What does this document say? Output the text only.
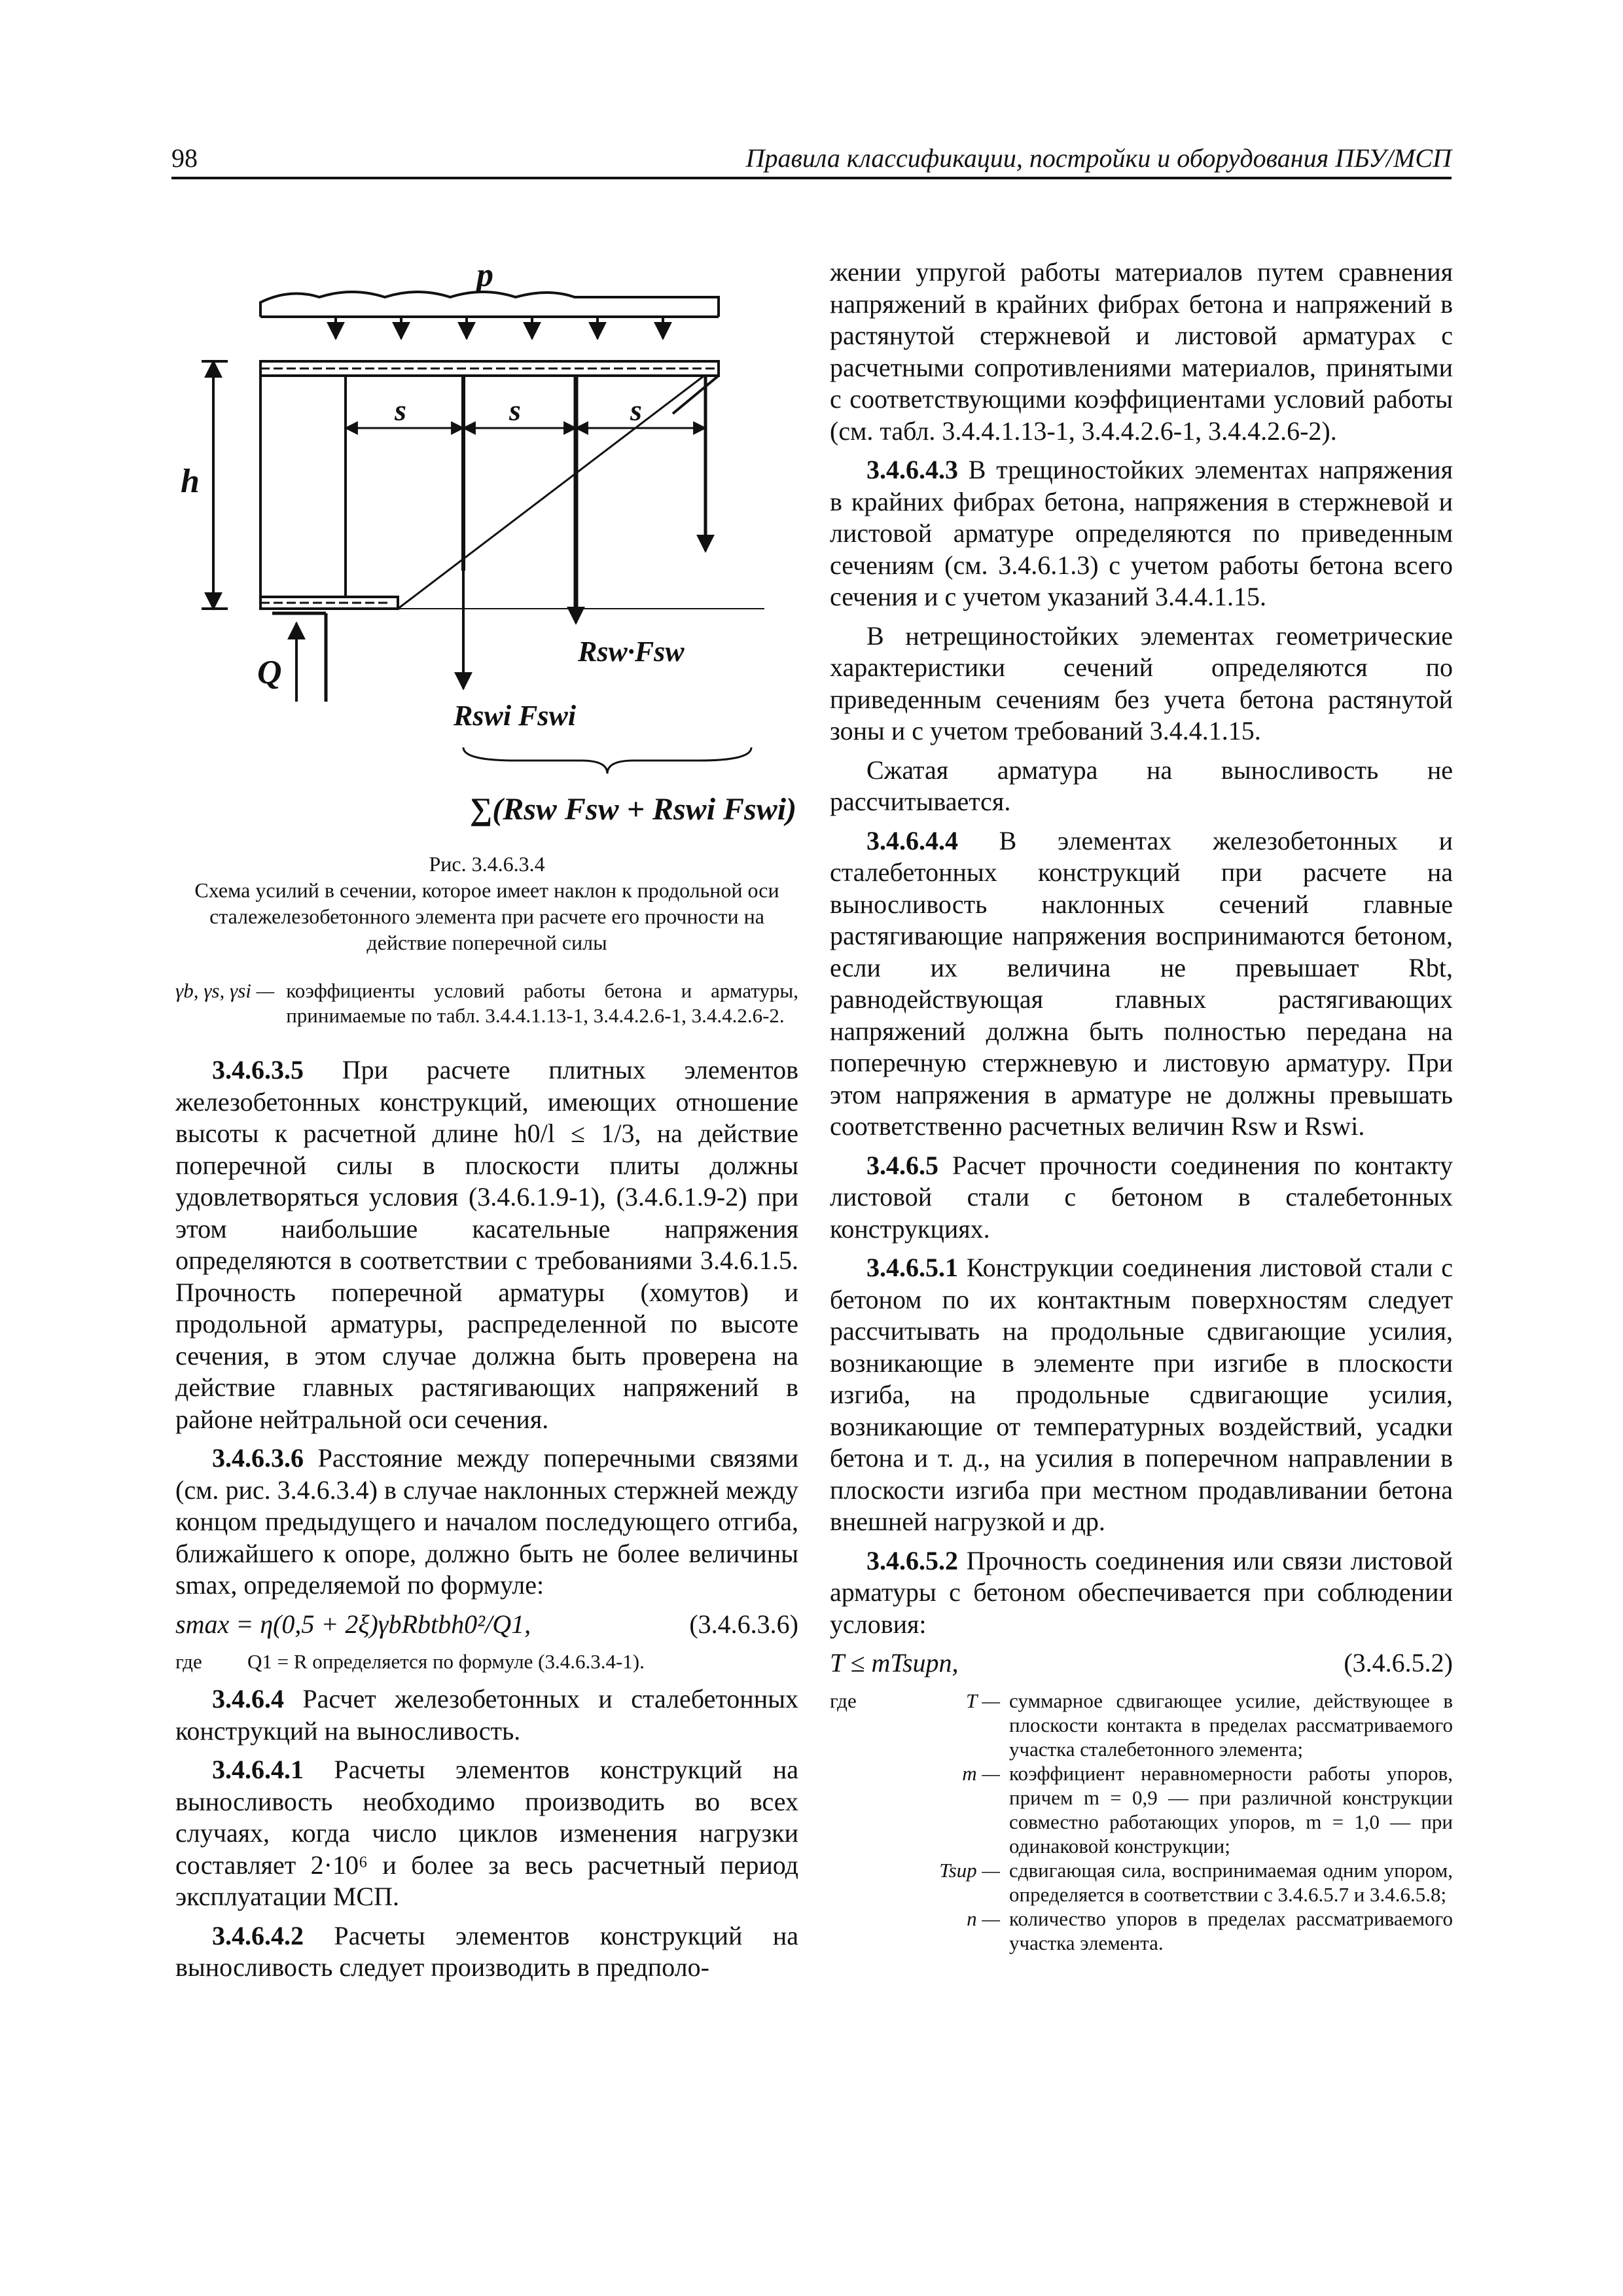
98	Правила классификации, постройки и оборудования ПБУ/МСП
p
h
s	s	s
Q
Rsw·Fsw
Rswi Fswi
∑(Rsw Fsw + Rswi Fswi)
Рис. 3.4.6.3.4
Схема усилий в сечении, которое имеет наклон к продольной оси сталежелезобетонного элемента при расчете его прочности на действие поперечной силы
γb, γs, γsi — коэффициенты условий работы бетона и арматуры, принимаемые по табл. 3.4.4.1.13-1, 3.4.4.2.6-1, 3.4.4.2.6-2.

3.4.6.3.5 При расчете плитных элементов железобетонных конструкций, имеющих отношение высоты к расчетной длине h0/l ≤ 1/3, на действие поперечной силы в плоскости плиты должны удовлетворяться условия (3.4.6.1.9-1), (3.4.6.1.9-2) при этом наибольшие касательные напряжения определяются в соответствии с требованиями 3.4.6.1.5. Прочность поперечной арматуры (хомутов) и продольной арматуры, распределенной по высоте сечения, в этом случае должна быть проверена на действие главных растягивающих напряжений в районе нейтральной оси сечения.

3.4.6.3.6 Расстояние между поперечными связями (см. рис. 3.4.6.3.4) в случае наклонных стержней между концом предыдущего и началом последующего отгиба, ближайшего к опоре, должно быть не более величины smax, определяемой по формуле:

smax = η(0,5 + 2ξ)γbRbtbh0²/Q1,	(3.4.6.3.6)
где	Q1 = R определяется по формуле (3.4.6.3.4-1).

3.4.6.4 Расчет железобетонных и сталебетонных конструкций на выносливость.

3.4.6.4.1 Расчеты элементов конструкций на выносливость необходимо производить во всех случаях, когда число циклов изменения нагрузки составляет 2·10⁶ и более за весь расчетный период эксплуатации МСП.

3.4.6.4.2 Расчеты элементов конструкций на выносливость следует производить в предполо-

жении упругой работы материалов путем сравнения напряжений в крайних фибрах бетона и напряжений в растянутой стержневой и листовой арматурах с расчетными сопротивлениями материалов, принятыми с соответствующими коэффициентами условий работы (см. табл. 3.4.4.1.13-1, 3.4.4.2.6-1, 3.4.4.2.6-2).

3.4.6.4.3 В трещиностойких элементах напряжения в крайних фибрах бетона, напряжения в стержневой и листовой арматуре определяются по приведенным сечениям (см. 3.4.6.1.3) с учетом работы бетона всего сечения и с учетом указаний 3.4.4.1.15.

В нетрещиностойких элементах геометрические характеристики сечений определяются по приведенным сечениям без учета бетона растянутой зоны и с учетом требований 3.4.4.1.15.

Сжатая арматура на выносливость не рассчитывается.

3.4.6.4.4 В элементах железобетонных и сталебетонных конструкций при расчете на выносливость наклонных сечений главные растягивающие напряжения воспринимаются бетоном, если их величина не превышает Rbt, равнодействующая главных растягивающих напряжений должна быть полностью передана на поперечную стержневую и листовую арматуру. При этом напряжения в арматуре не должны превышать соответственно расчетных величин Rsw и Rswi.

3.4.6.5 Расчет прочности соединения по контакту листовой стали с бетоном в сталебетонных конструкциях.

3.4.6.5.1 Конструкции соединения листовой стали с бетоном по их контактным поверхностям следует рассчитывать на продольные сдвигающие усилия, возникающие в элементе при изгибе в плоскости изгиба, на продольные сдвигающие усилия, возникающие от температурных воздействий, усадки бетона и т. д., на усилия в поперечном направлении в плоскости изгиба при местном продавливании бетона внешней нагрузкой и др.

3.4.6.5.2 Прочность соединения или связи листовой арматуры с бетоном обеспечивается при соблюдении условия:

T ≤ mTsupn,	(3.4.6.5.2)
где	T — суммарное сдвигающее усилие, действующее в плоскости контакта в пределах рассматриваемого участка сталебетонного элемента;
m — коэффициент неравномерности работы упоров, причем m = 0,9 — при различной конструкции совместно работающих упоров, m = 1,0 — при одинаковой конструкции;
Tsup — сдвигающая сила, воспринимаемая одним упором, определяется в соответствии с 3.4.6.5.7 и 3.4.6.5.8;
n — количество упоров в пределах рассматриваемого участка элемента.
